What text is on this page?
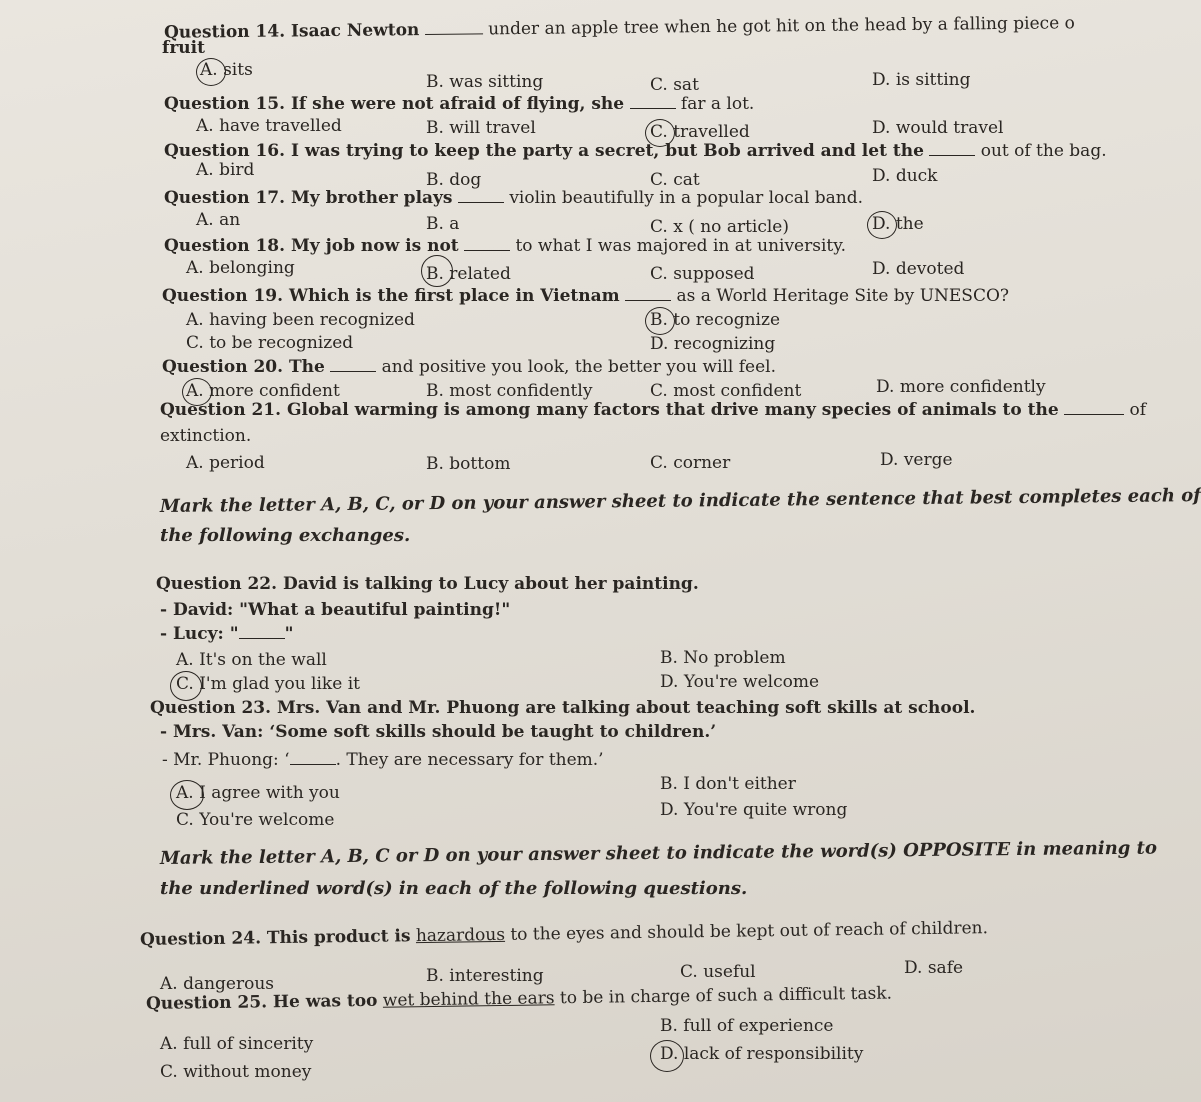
Question 14. Isaac Newton	under an apple tree when he got hit on the head by a falling piece o
fruit
A. sits
B. was sitting	C. sat	D. is sitting
Question 15. If she were not afraid of flying, she	far a lot.
A. have travelled	B. will travel	C. travelled	D. would travel
Question 16. I was trying to keep the party a secret, but Bob arrived and let the	out of the bag.
A. bird	B. dog	C. cat	D. duck
Question 17. My brother plays	violin beautifully in a popular local band.
A. an	B. a	C. x ( no article)	D. the
Question 18. My job now is not	to what I was majored in at university.
A. belonging	B. related	C. supposed	D. devoted
Question 19. Which is the first place in Vietnam	as a World Heritage Site by UNESCO?
A. having been recognized	B. to recognize
C. to be recognized	D. recognizing
Question 20. The	and positive you look, the better you will feel.
A. more confident	B. most confidently	C. most confident	D. more confidently
Question 21. Global warming is among many factors that drive many species of animals to the	of
extinction.
A. period	B. bottom	C. corner	D. verge
Mark the letter A, B, C, or D on your answer sheet to indicate the sentence that best completes each of
the following exchanges.
Question 22. David is talking to Lucy about her painting.
- David: "What a beautiful painting!"
- Lucy: "	"
A. It's on the wall	B. No problem
C. I'm glad you like it	D. You're welcome
Question 23. Mrs. Van and Mr. Phuong are talking about teaching soft skills at school.
- Mrs. Van: ‘Some soft skills should be taught to children.’
- Mr. Phuong: ‘	. They are necessary for them.’
A. I agree with you	B. I don't either
C. You're welcome	D. You're quite wrong
Mark the letter A, B, C or D on your answer sheet to indicate the word(s) OPPOSITE in meaning to
the underlined word(s) in each of the following questions.
Question 24. This product is hazardous to the eyes and should be kept out of reach of children.
A. dangerous	B. interesting	C. useful	D. safe
Question 25. He was too wet behind the ears to be in charge of such a difficult task.
A. full of sincerity
B. full of experience
C. without money
D. lack of responsibility
